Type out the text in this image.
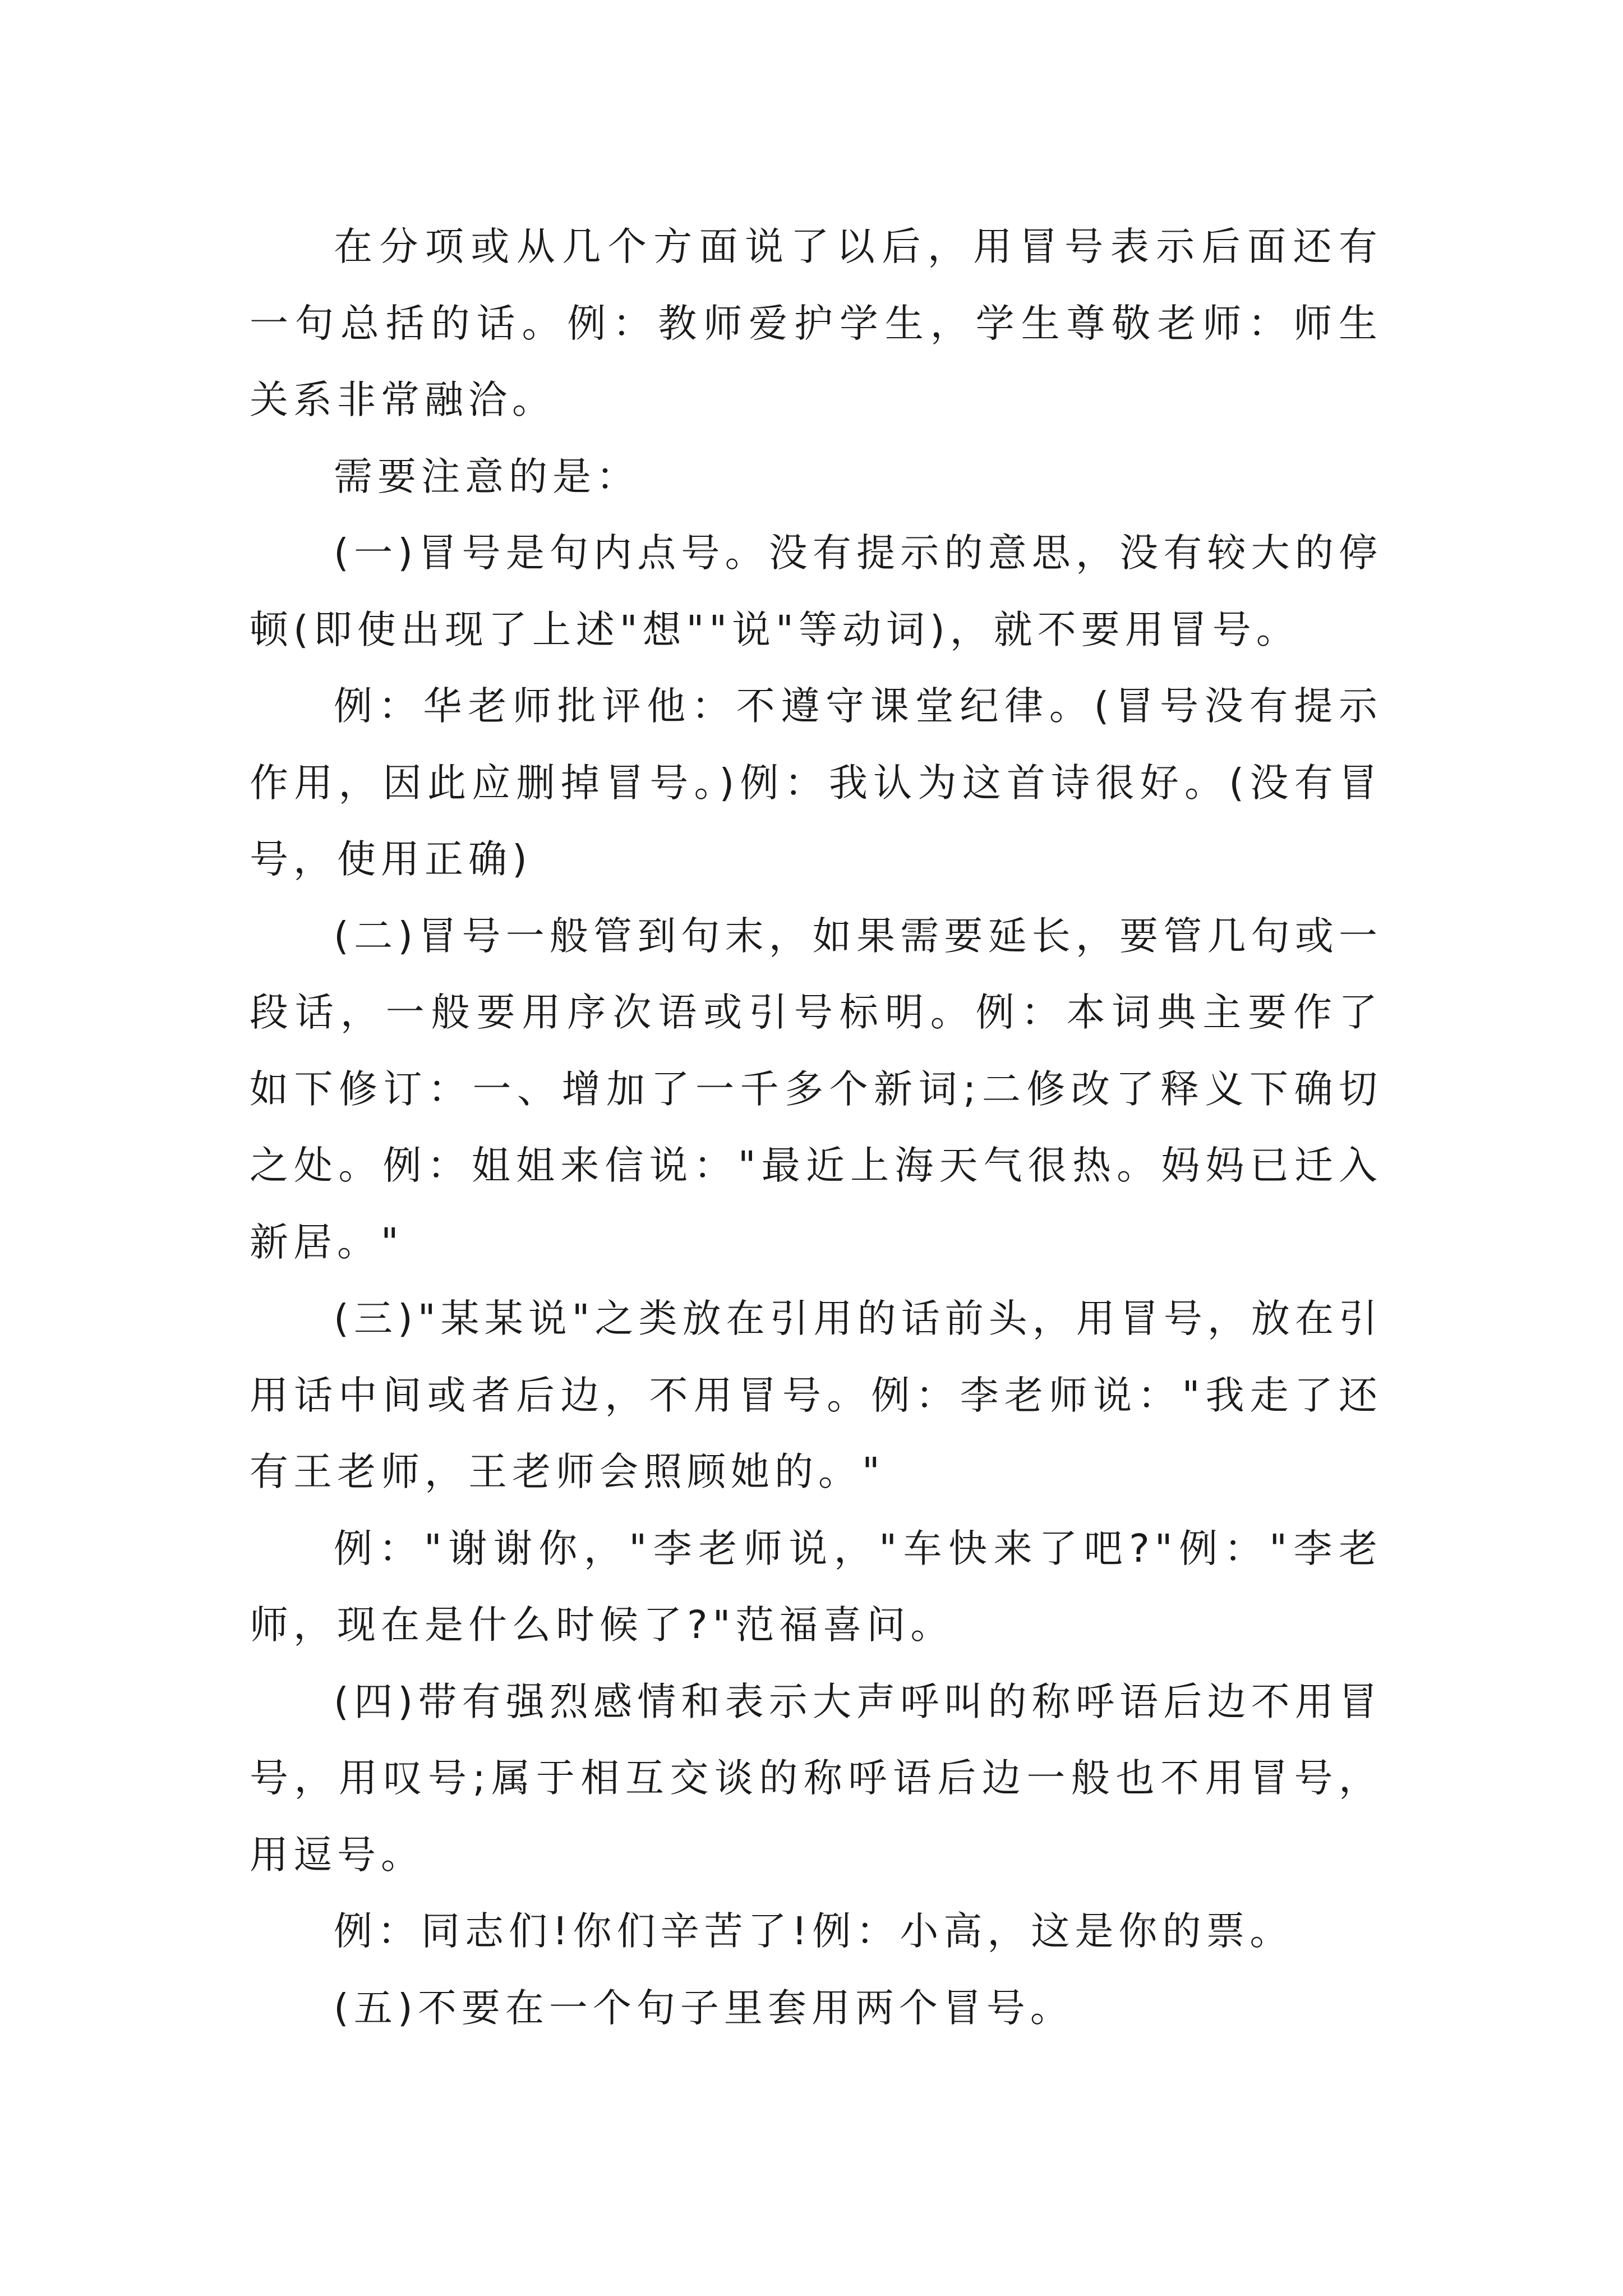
在分项或从几个方面说了以后，用冒号表示后面还有一句总括的话。例：教师爱护学生，学生尊敬老师：师生关系非常融洽。

需要注意的是：

(一)冒号是句内点号。没有提示的意思，没有较大的停顿(即使出现了上述"想""说"等动词)，就不要用冒号。

例：华老师批评他：不遵守课堂纪律。(冒号没有提示作用，因此应删掉冒号。)例：我认为这首诗很好。(没有冒号，使用正确)

(二)冒号一般管到句末，如果需要延长，要管几句或一段话，一般要用序次语或引号标明。例：本词典主要作了如下修订：一、增加了一千多个新词;二修改了释义下确切之处。例：姐姐来信说："最近上海天气很热。妈妈已迁入新居。"

(三)"某某说"之类放在引用的话前头，用冒号，放在引用话中间或者后边，不用冒号。例：李老师说："我走了还有王老师，王老师会照顾她的。"

例："谢谢你，"李老师说，"车快来了吧?"例："李老师，现在是什么时候了?"范福喜问。

(四)带有强烈感情和表示大声呼叫的称呼语后边不用冒号，用叹号;属于相互交谈的称呼语后边一般也不用冒号，用逗号。

例：同志们!你们辛苦了!例：小高，这是你的票。

(五)不要在一个句子里套用两个冒号。
